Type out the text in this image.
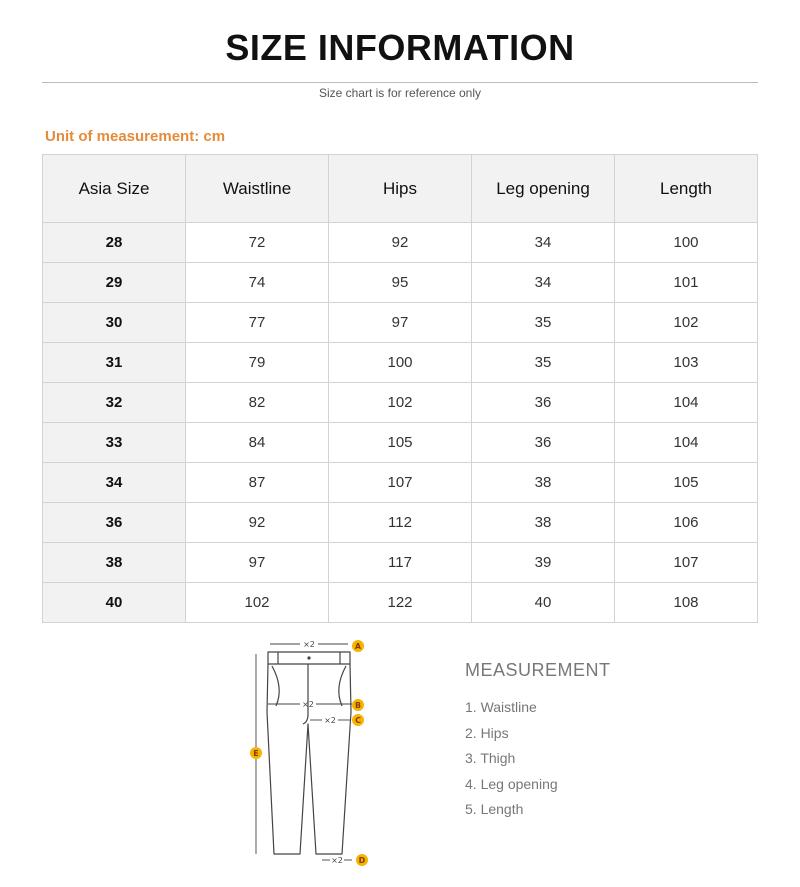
SIZE INFORMATION
Size chart is for reference only
Unit of measurement: cm
Asia Size	Waistline	Hips	Leg opening	Length
28	72	92	34	100
29	74	95	34	101
30	77	97	35	102
31	79	100	35	103
32	82	102	36	104
33	84	105	36	104
34	87	107	38	105
36	92	112	38	106
38	97	117	39	107
40	102	122	40	108
×2
×2
×2
×2
A
B
C
D
E
MEASUREMENT
1. Waistline
2. Hips
3. Thigh
4. Leg opening
5. Length
